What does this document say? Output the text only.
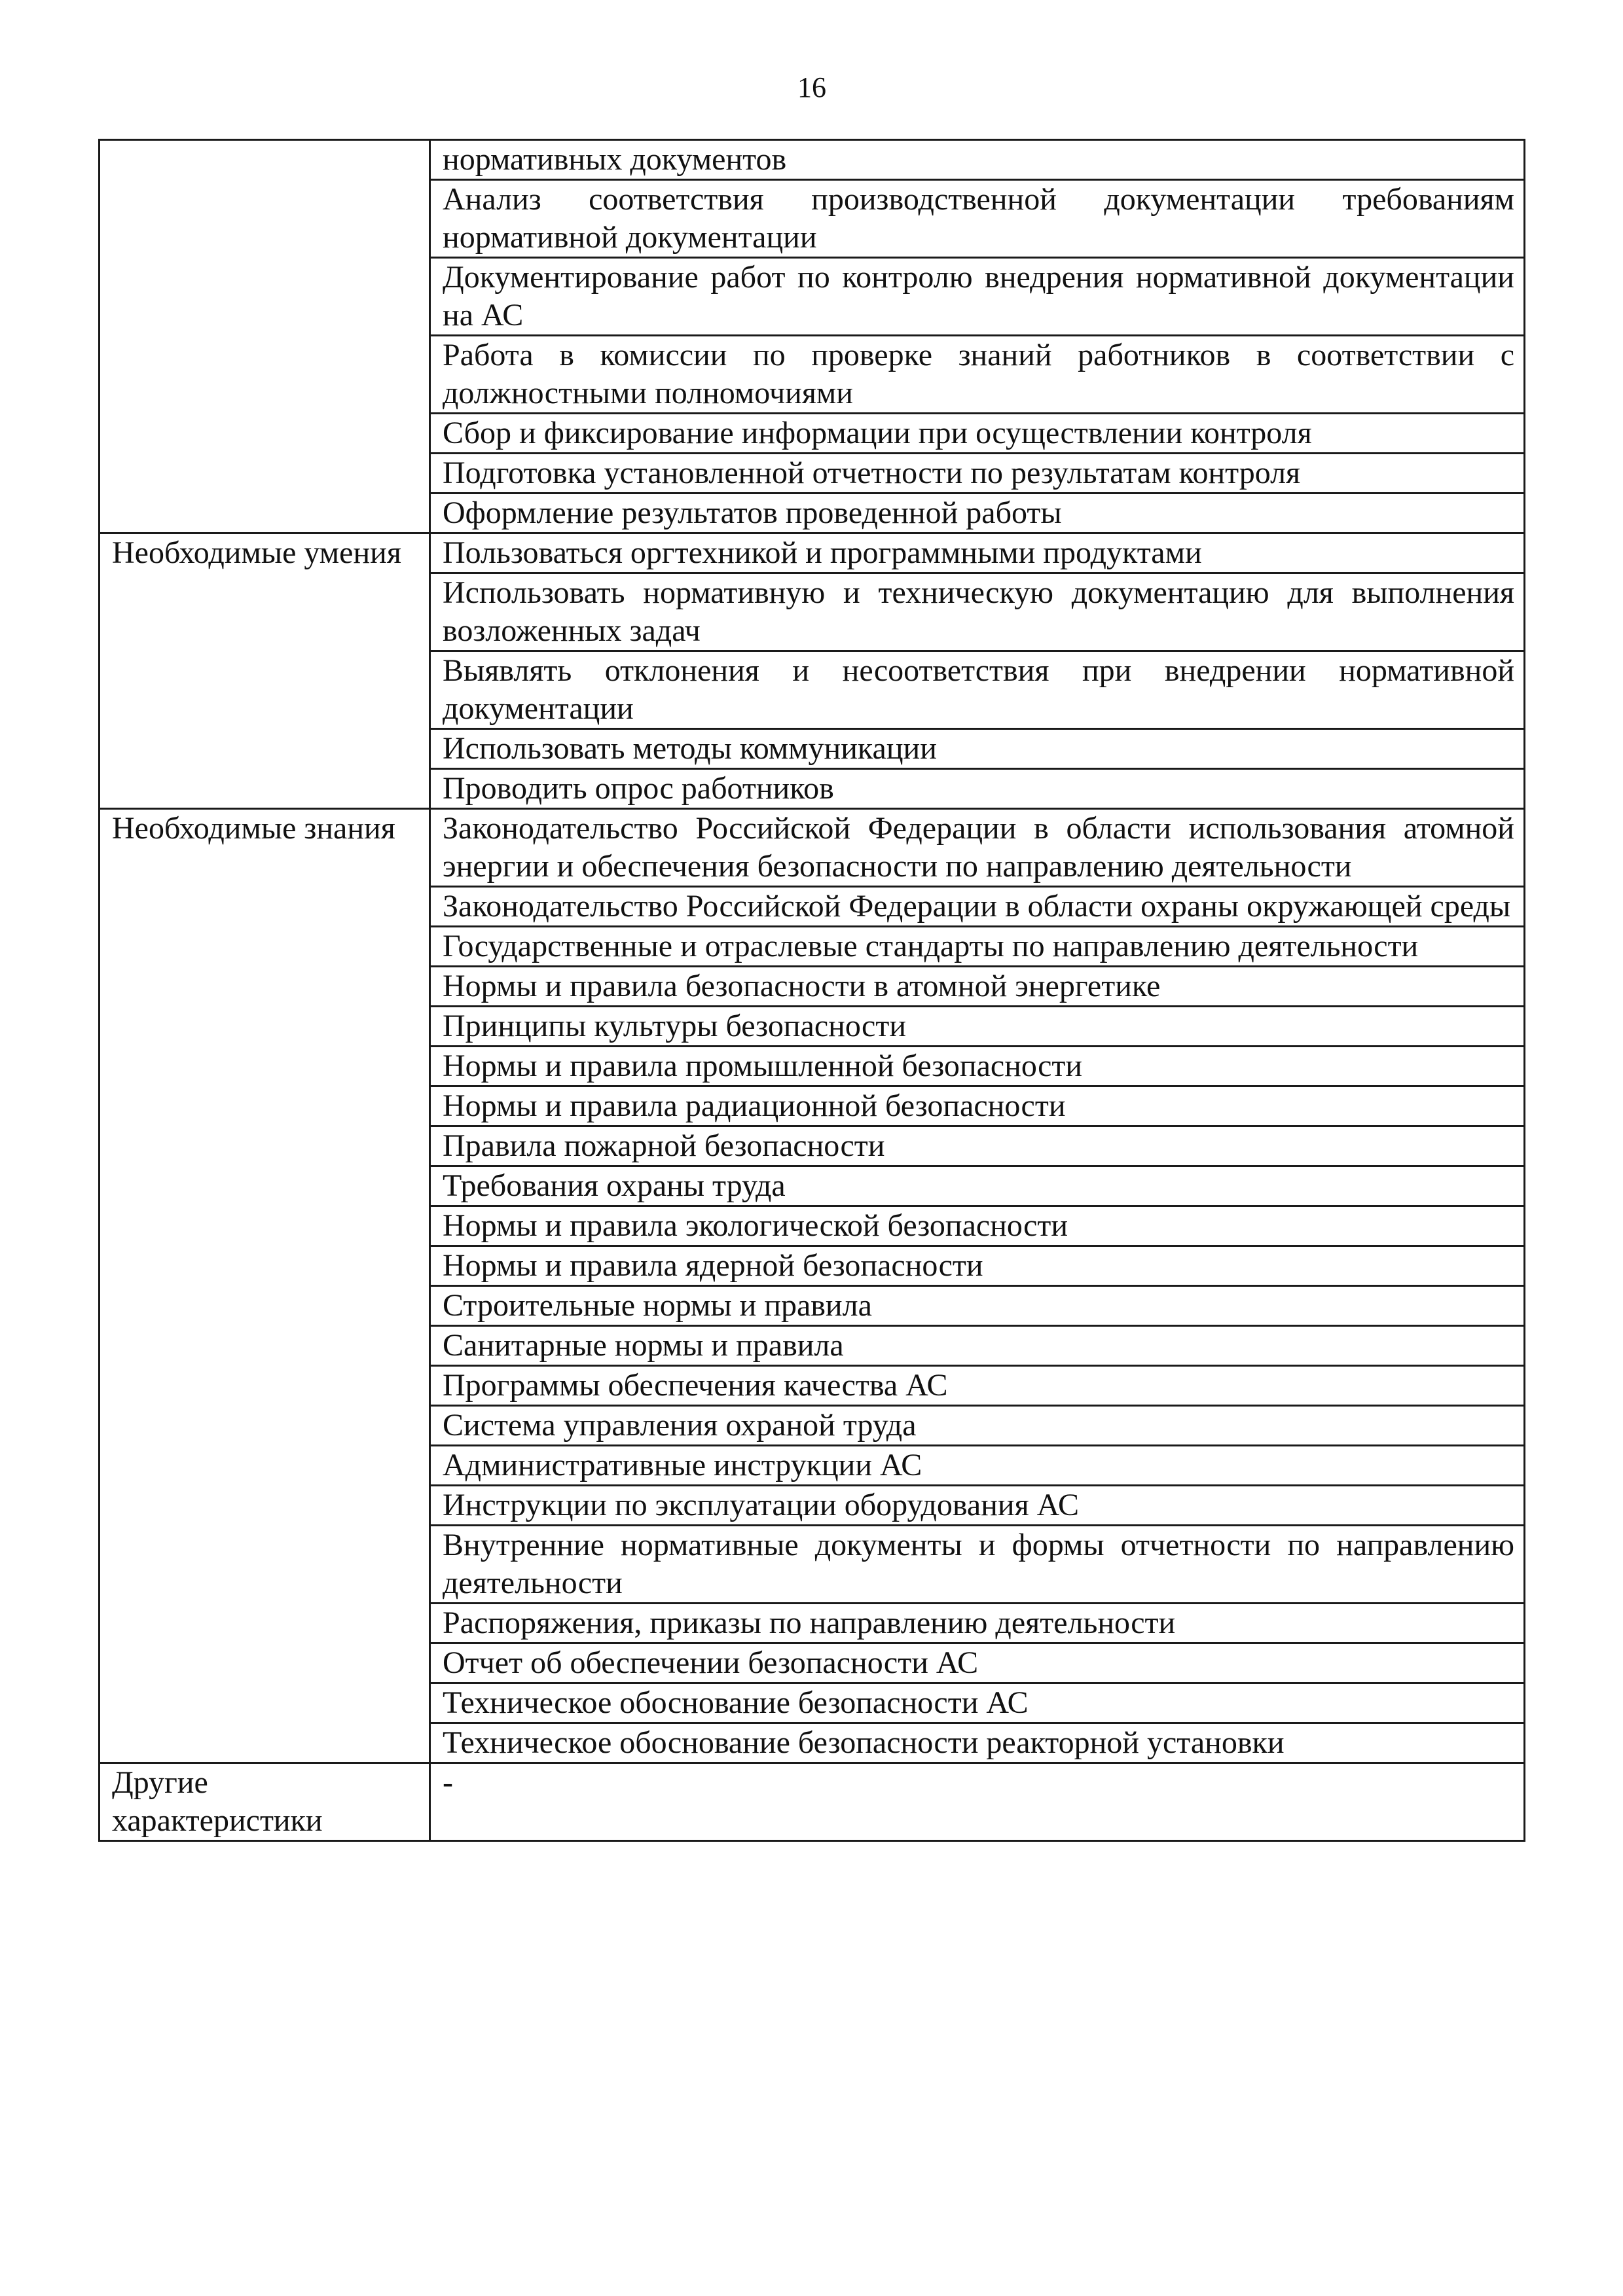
16
	нормативных документов
	Анализ соответствия производственной документации требованиям нормативной документации
	Документирование работ по контролю внедрения нормативной документации на АС
	Работа в комиссии по проверке знаний работников в соответствии с должностными полномочиями
	Сбор и фиксирование информации при осуществлении контроля
	Подготовка установленной отчетности по результатам контроля
	Оформление результатов проведенной работы
Необходимые умения	Пользоваться оргтехникой и программными продуктами
	Использовать нормативную и техническую документацию для выполнения возложенных задач
	Выявлять отклонения и несоответствия при внедрении нормативной документации
	Использовать методы коммуникации
	Проводить опрос работников
Необходимые знания	Законодательство Российской Федерации в области использования атомной энергии и обеспечения безопасности по направлению деятельности
	Законодательство Российской Федерации в области охраны окружающей среды
	Государственные и отраслевые стандарты по направлению деятельности
	Нормы и правила безопасности в атомной энергетике
	Принципы культуры безопасности
	Нормы и правила промышленной безопасности
	Нормы и правила радиационной безопасности
	Правила пожарной безопасности
	Требования охраны труда
	Нормы и правила экологической безопасности
	Нормы и правила ядерной безопасности
	Строительные нормы и правила
	Санитарные нормы и правила
	Программы обеспечения качества АС
	Система управления охраной труда
	Административные инструкции АС
	Инструкции по эксплуатации оборудования АС
	Внутренние нормативные документы и формы отчетности по направлению деятельности
	Распоряжения, приказы по направлению деятельности
	Отчет об обеспечении безопасности АС
	Техническое обоснование безопасности АС
	Техническое обоснование безопасности реакторной установки
Другие характеристики	-
